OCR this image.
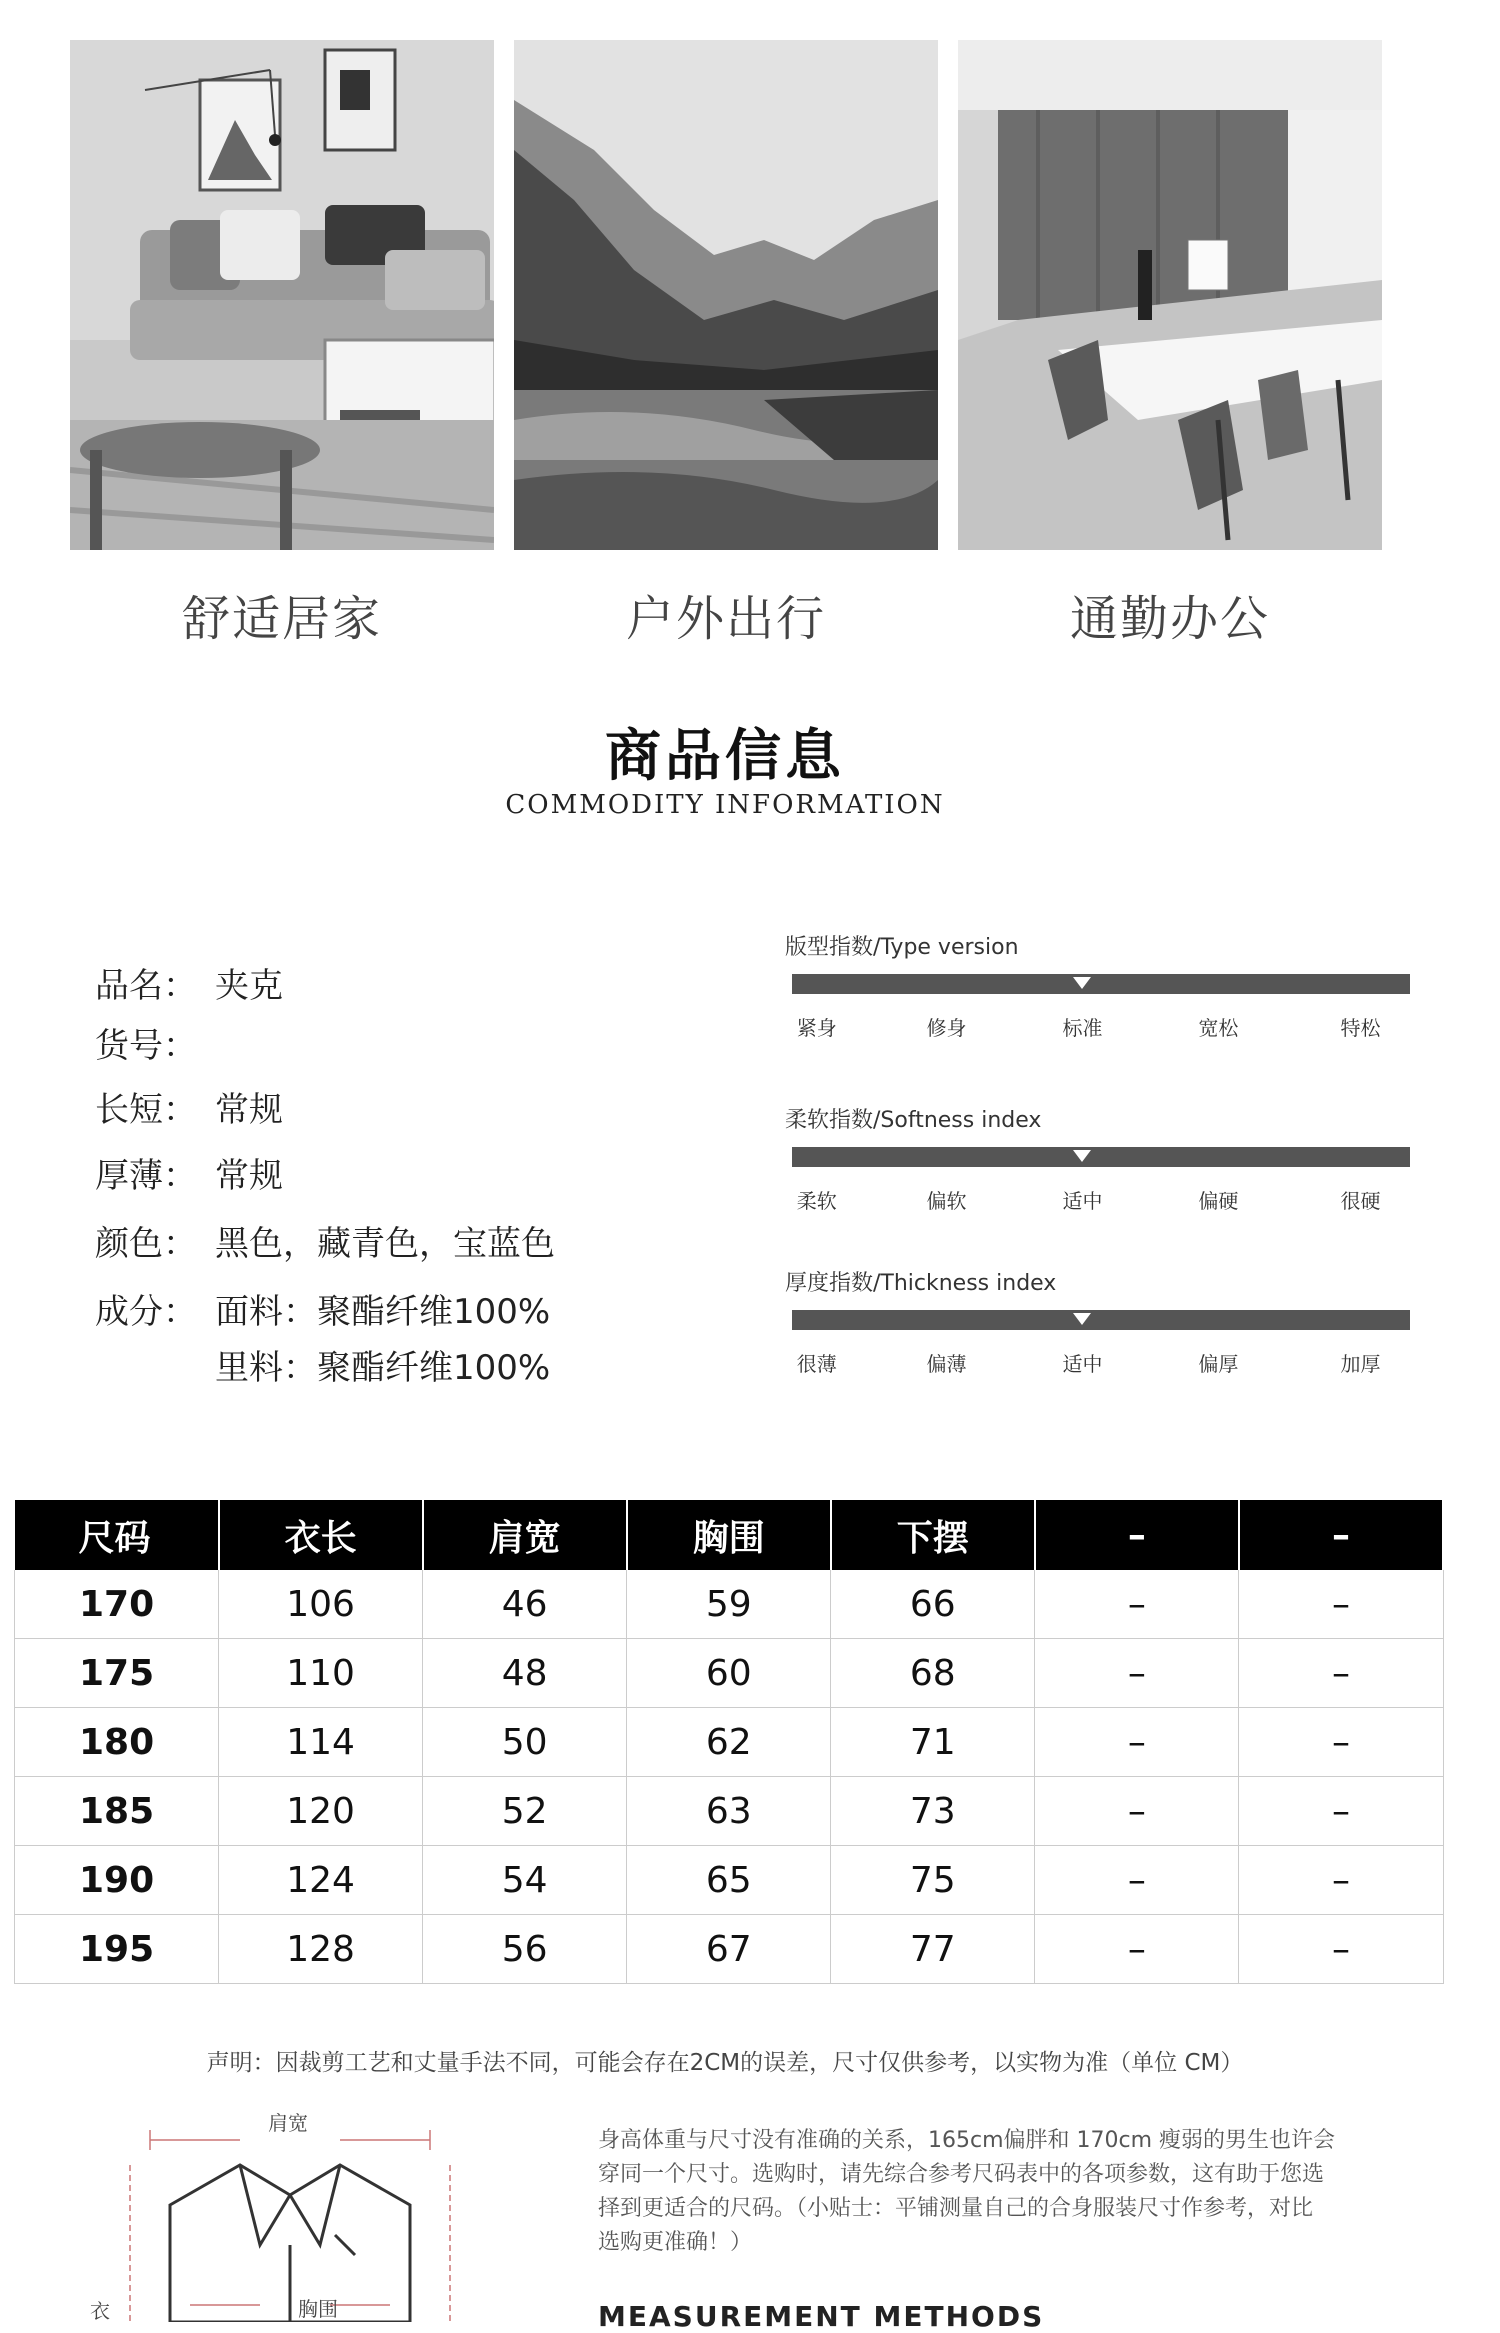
舒适居家	户外出行	通勤办公
商品信息
COMMODITY INFORMATION
品名： 夹克
货号：
长短： 常规
厚薄： 常规
颜色： 黑色，藏青色，宝蓝色
成分： 面料：聚酯纤维100%
里料：聚酯纤维100%
版型指数/Type version
紧身	修身	标准	宽松	特松
柔软指数/Softness index
柔软	偏软	适中	偏硬	很硬
厚度指数/Thickness index
很薄	偏薄	适中	偏厚	加厚
尺码	衣长	肩宽	胸围	下摆	–	–
170	106	46	59	66	–	–
175	110	48	60	68	–	–
180	114	50	62	71	–	–
185	120	52	63	73	–	–
190	124	54	65	75	–	–
195	128	56	67	77	–	–
声明：因裁剪工艺和丈量手法不同，可能会存在2CM的误差，尺寸仅供参考，以实物为准（单位 CM）
肩宽
胸围
衣

身高体重与尺寸没有准确的关系，165cm偏胖和 170cm 瘦弱的男生也许会

穿同一个尺寸。选购时，请先综合参考尺码表中的各项参数，这有助于您选

择到更适合的尺码。（小贴士：平铺测量自己的合身服装尺寸作参考，对比

选购更准确！）

MEASUREMENT METHODS
